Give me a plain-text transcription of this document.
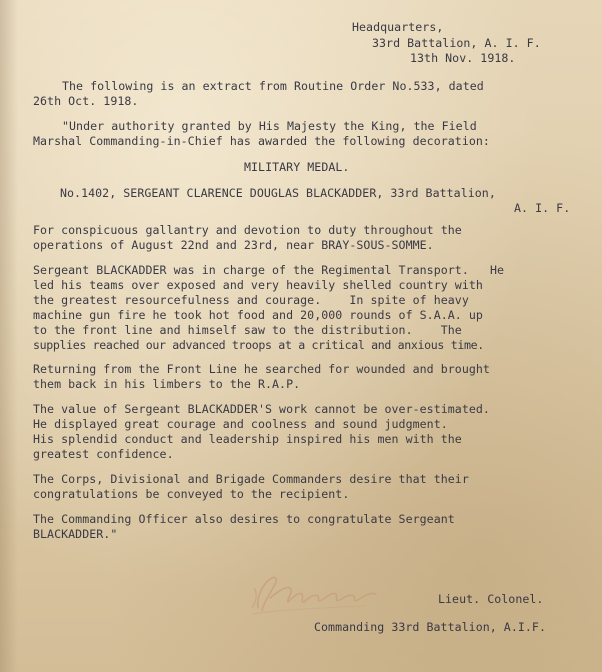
Headquarters,
33rd Battalion, A. I. F.
13th Nov. 1918.
The following is an extract from Routine Order No.533, dated
26th Oct. 1918.
"Under authority granted by His Majesty the King, the Field
Marshal Commanding-in-Chief has awarded the following decoration:
MILITARY MEDAL.
No.1402, SERGEANT CLARENCE DOUGLAS BLACKADDER, 33rd Battalion,
A. I. F.
For conspicuous gallantry and devotion to duty throughout the
operations of August 22nd and 23rd, near BRAY-SOUS-SOMME.
Sergeant BLACKADDER was in charge of the Regimental Transport.   He
led his teams over exposed and very heavily shelled country with
the greatest resourcefulness and courage.    In spite of heavy
machine gun fire he took hot food and 20,000 rounds of S.A.A. up
to the front line and himself saw to the distribution.    The
supplies reached our advanced troops at a critical and anxious time.
Returning from the Front Line he searched for wounded and brought
them back in his limbers to the R.A.P.
The value of Sergeant BLACKADDER'S work cannot be over-estimated.
He displayed great courage and coolness and sound judgment.
His splendid conduct and leadership inspired his men with the
greatest confidence.
The Corps, Divisional and Brigade Commanders desire that their
congratulations be conveyed to the recipient.
The Commanding Officer also desires to congratulate Sergeant
BLACKADDER."
Lieut. Colonel.
Commanding 33rd Battalion, A.I.F.
